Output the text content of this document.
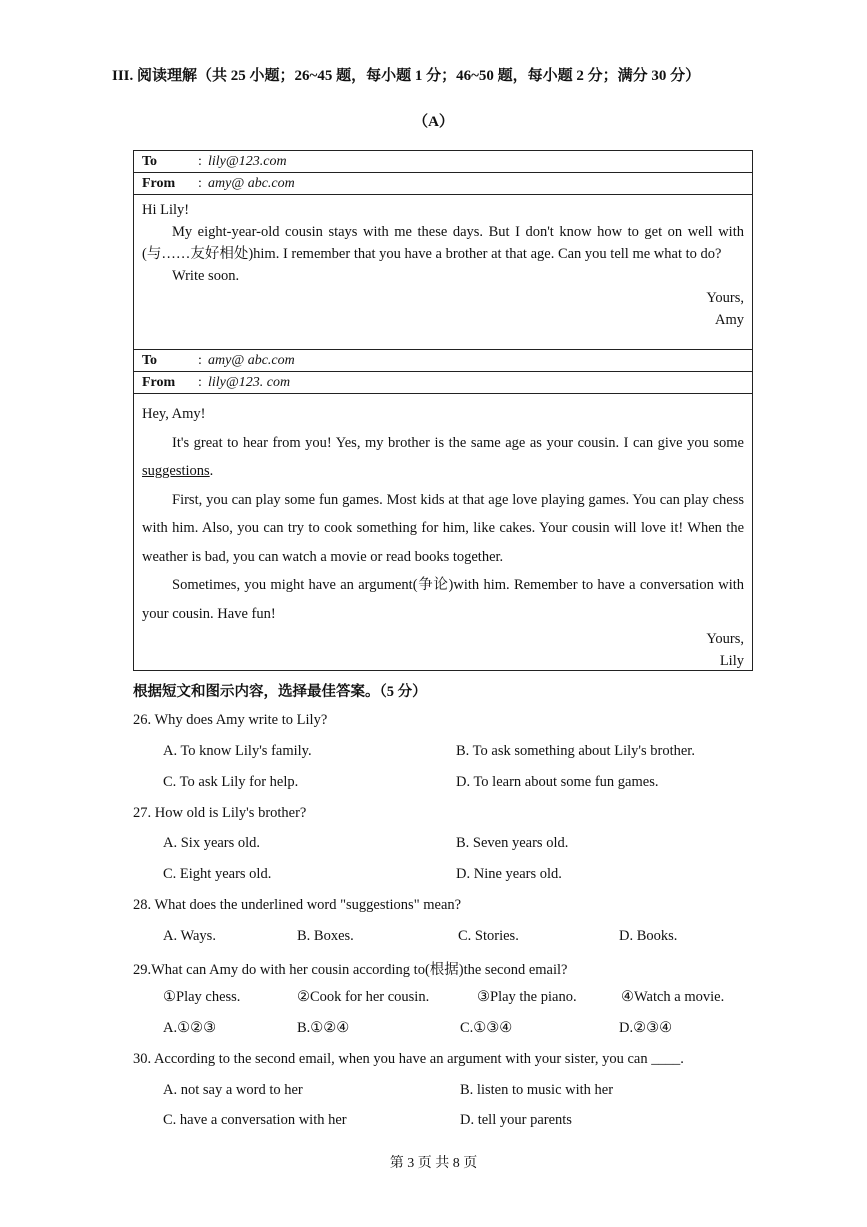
III. 阅读理解（共 25 小题；26~45 题，每小题 1 分；46~50 题，每小题 2 分；满分 30 分）
（A）
To	: lily@123.com
From : amy@ abc.com

Hi Lily!

My eight-year-old cousin stays with me these days. But I don't know how to get on well with (与……友好相处)him. I remember that you have a brother at that age. Can you tell me what to do?

Write soon.

Yours,

Amy

To	: amy@ abc.com
From : lily@123. com

Hey, Amy!

It's great to hear from you! Yes, my brother is the same age as your cousin. I can give you some suggestions.

First, you can play some fun games. Most kids at that age love playing games. You can play chess with him. Also, you can try to cook something for him, like cakes. Your cousin will love it! When the weather is bad, you can watch a movie or read books together.

Sometimes, you might have an argument(争论)with him. Remember to have a conversation with your cousin. Have fun!

Yours,

Lily

根据短文和图示内容，选择最佳答案。（5 分）
26. Why does Amy write to Lily?
A. To know Lily's family.	B. To ask something about Lily's brother.
C. To ask Lily for help.	D. To learn about some fun games.
27. How old is Lily's brother?
A. Six years old.	B. Seven years old.
C. Eight years old.	D. Nine years old.
28. What does the underlined word "suggestions" mean?
A. Ways.	B. Boxes.	C. Stories.	D. Books.
29.What can Amy do with her cousin according to(根据)the second email?
①Play chess.	②Cook for her cousin.	③Play the piano.	④Watch a movie.
A.①②③	B.①②④	C.①③④	D.②③④
30. According to the second email, when you have an argument with your sister, you can ____.
A. not say a word to her	B. listen to music with her
C. have a conversation with her	D. tell your parents
第 3 页 共 8 页
